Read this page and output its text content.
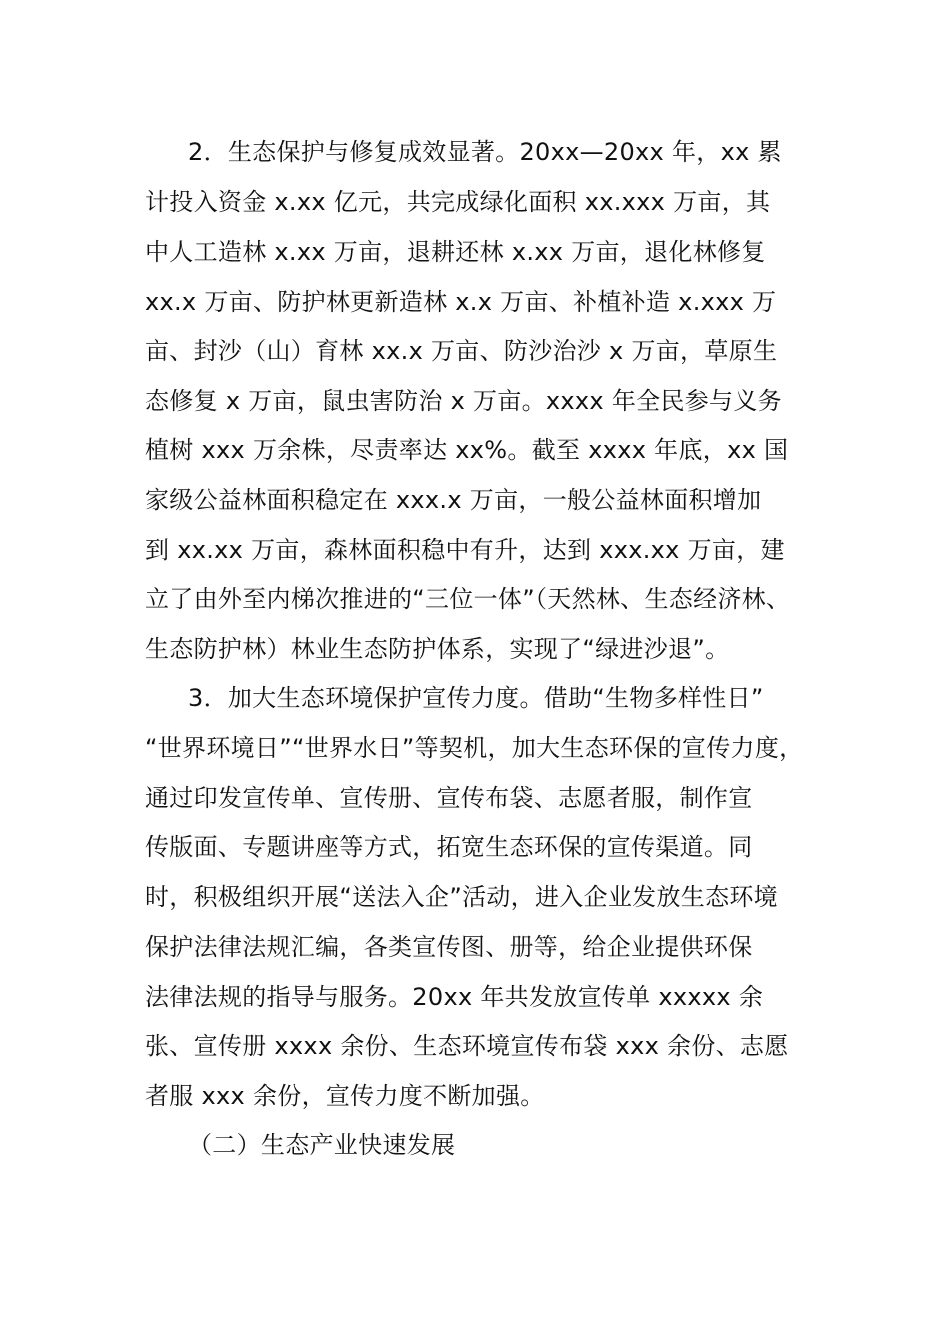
2．生态保护与修复成效显著。20xx—20xx 年，xx 累
计投入资金 x.xx 亿元，共完成绿化面积 xx.xxx 万亩，其
中人工造林 x.xx 万亩，退耕还林 x.xx 万亩，退化林修复
xx.x 万亩、防护林更新造林 x.x 万亩、补植补造 x.xxx 万
亩、封沙（山）育林 xx.x 万亩、防沙治沙 x 万亩，草原生
态修复 x 万亩，鼠虫害防治 x 万亩。xxxx 年全民参与义务
植树 xxx 万余株，尽责率达 xx%。截至 xxxx 年底，xx 国
家级公益林面积稳定在 xxx.x 万亩，一般公益林面积增加
到 xx.xx 万亩，森林面积稳中有升，达到 xxx.xx 万亩，建
立了由外至内梯次推进的“三位一体”（天然林、生态经济林、
生态防护林）林业生态防护体系，实现了“绿进沙退”。
3．加大生态环境保护宣传力度。借助“生物多样性日”
“世界环境日”“世界水日”等契机，加大生态环保的宣传力度，
通过印发宣传单、宣传册、宣传布袋、志愿者服，制作宣
传版面、专题讲座等方式，拓宽生态环保的宣传渠道。同
时，积极组织开展“送法入企”活动，进入企业发放生态环境
保护法律法规汇编，各类宣传图、册等，给企业提供环保
法律法规的指导与服务。20xx 年共发放宣传单 xxxxx 余
张、宣传册 xxxx 余份、生态环境宣传布袋 xxx 余份、志愿
者服 xxx 余份，宣传力度不断加强。
（二）生态产业快速发展
